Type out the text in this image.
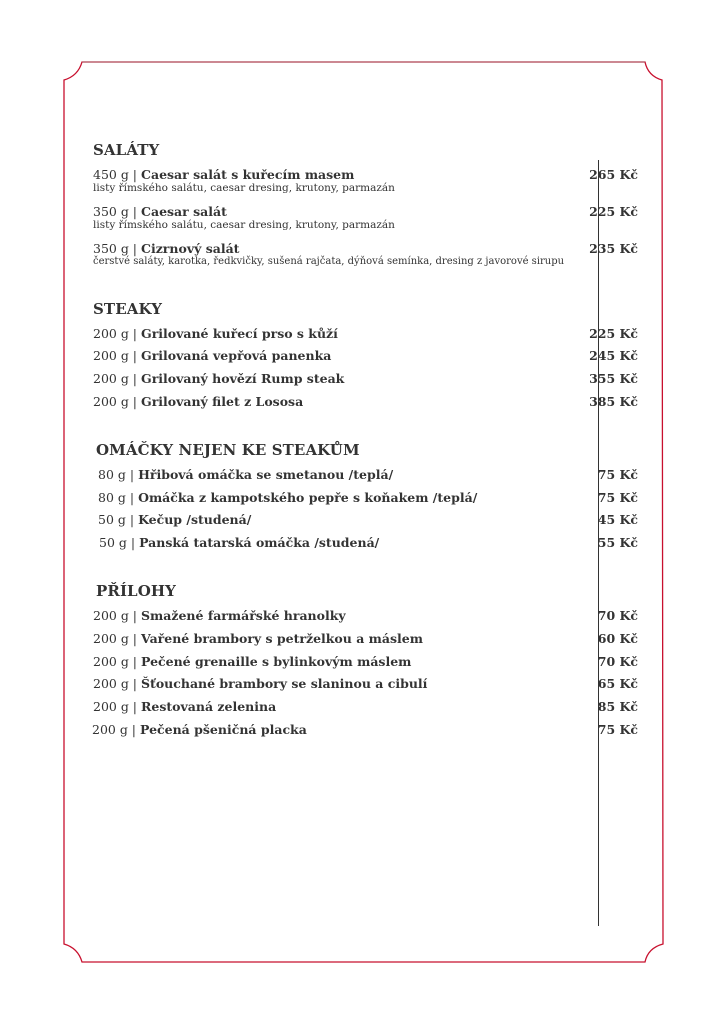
SALÁTY
450 g | Caesar salát s kuřecím masem	265 Kč
listy římského salátu, caesar dresing, krutony, parmazán
350 g | Caesar salát	225 Kč
listy římského salátu, caesar dresing, krutony, parmazán
350 g | Cizrnový salát	235 Kč
čerstvé saláty, karotka, ředkvičky, sušená rajčata, dýňová semínka, dresing z javorové sirupu
STEAKY
200 g | Grilované kuřecí prso s kůží	225 Kč
200 g | Grilovaná vepřová panenka	245 Kč
200 g | Grilovaný hovězí Rump steak	355 Kč
200 g | Grilovaný filet z Lososa	385 Kč
OMÁČKY NEJEN KE STEAKŮM
80 g | Hřibová omáčka se smetanou /teplá/	75 Kč
80 g | Omáčka z kampotského pepře s koňakem /teplá/	75 Kč
50 g | Kečup /studená/	45 Kč
50 g | Panská tatarská omáčka /studená/	55 Kč
PŘÍLOHY
200 g | Smažené farmářské hranolky	70 Kč
200 g | Vařené brambory s petrželkou a máslem	60 Kč
200 g | Pečené grenaille s bylinkovým máslem	70 Kč
200 g | Šťouchané brambory se slaninou a cibulí	65 Kč
200 g | Restovaná zelenina	85 Kč
200 g | Pečená pšeničná placka	75 Kč
